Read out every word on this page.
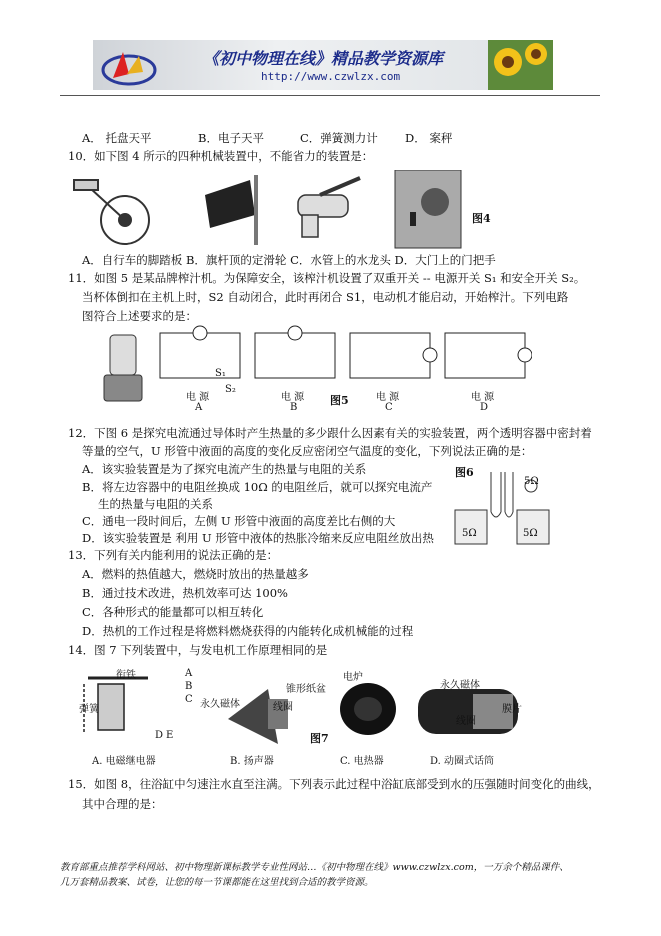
《初中物理在线》精品教学资源库
http://www.czwlzx.com
A． 托盘天平	B．电子天平	C．弹簧测力计 D． 案秤
10．如下图 4 所示的四种机械装置中，不能省力的装置是：
图4
A．自行车的脚踏板 B．旗杆顶的定滑轮 C．水管上的水龙头 D．大门上的门把手
11．如图 5 是某品牌榨汁机。为保障安全，该榨汁机设置了双重开关 -- 电源开关 S₁ 和安全开关 S₂。
当杯体倒扣在主机上时，S2 自动闭合，此时再闭合 S1，电动机才能启动，开始榨汁。下列电路
图符合上述要求的是：
电 源	电 源	电 源	电 源
S₁
S₂
A	B
图5
C	D
12．下图 6 是探究电流通过导体时产生热量的多少跟什么因素有关的实验装置，两个透明容器中密封着
等量的空气，U 形管中液面的高度的变化反应密闭空气温度的变化，下列说法正确的是：
A．该实验装置是为了探究电流产生的热量与电阻的关系
B．将左边容器中的电阻丝换成 10Ω 的电阻丝后，就可以探究电流产
生的热量与电阻的关系
C．通电一段时间后，左侧 U 形管中液面的高度差比右侧的大
D．该实验装置是 利用 U 形管中液体的热胀冷缩来反应电阻丝放出热
图6
5Ω
5Ω	5Ω
13．下列有关内能利用的说法正确的是：
A．燃料的热值越大，燃烧时放出的热量越多
B．通过技术改进，热机效率可达 100%
C．各种形式的能量都可以相互转化
D．热机的工作过程是将燃料燃烧获得的内能转化成机械能的过程
14．图 7 下列装置中，与发电机工作原理相同的是
衔铁
弹簧
A
B
C
D E
永久磁体
锥形纸盆
线圈
电炉
永久磁体
线圈
膜片
图7
A. 电磁继电器	B. 扬声器	C. 电热器	D. 动圈式话筒
15．如图 8，往浴缸中匀速注水直至注满。下列表示此过程中浴缸底部受到水的压强随时间变化的曲线，
其中合理的是：
教育部重点推荐学科网站、初中物理新课标教学专业性网站…《初中物理在线》www.czwlzx.com，一万余个精品课件、
几万套精品教案、试卷，让您的每一节课都能在这里找到合适的教学资源。
